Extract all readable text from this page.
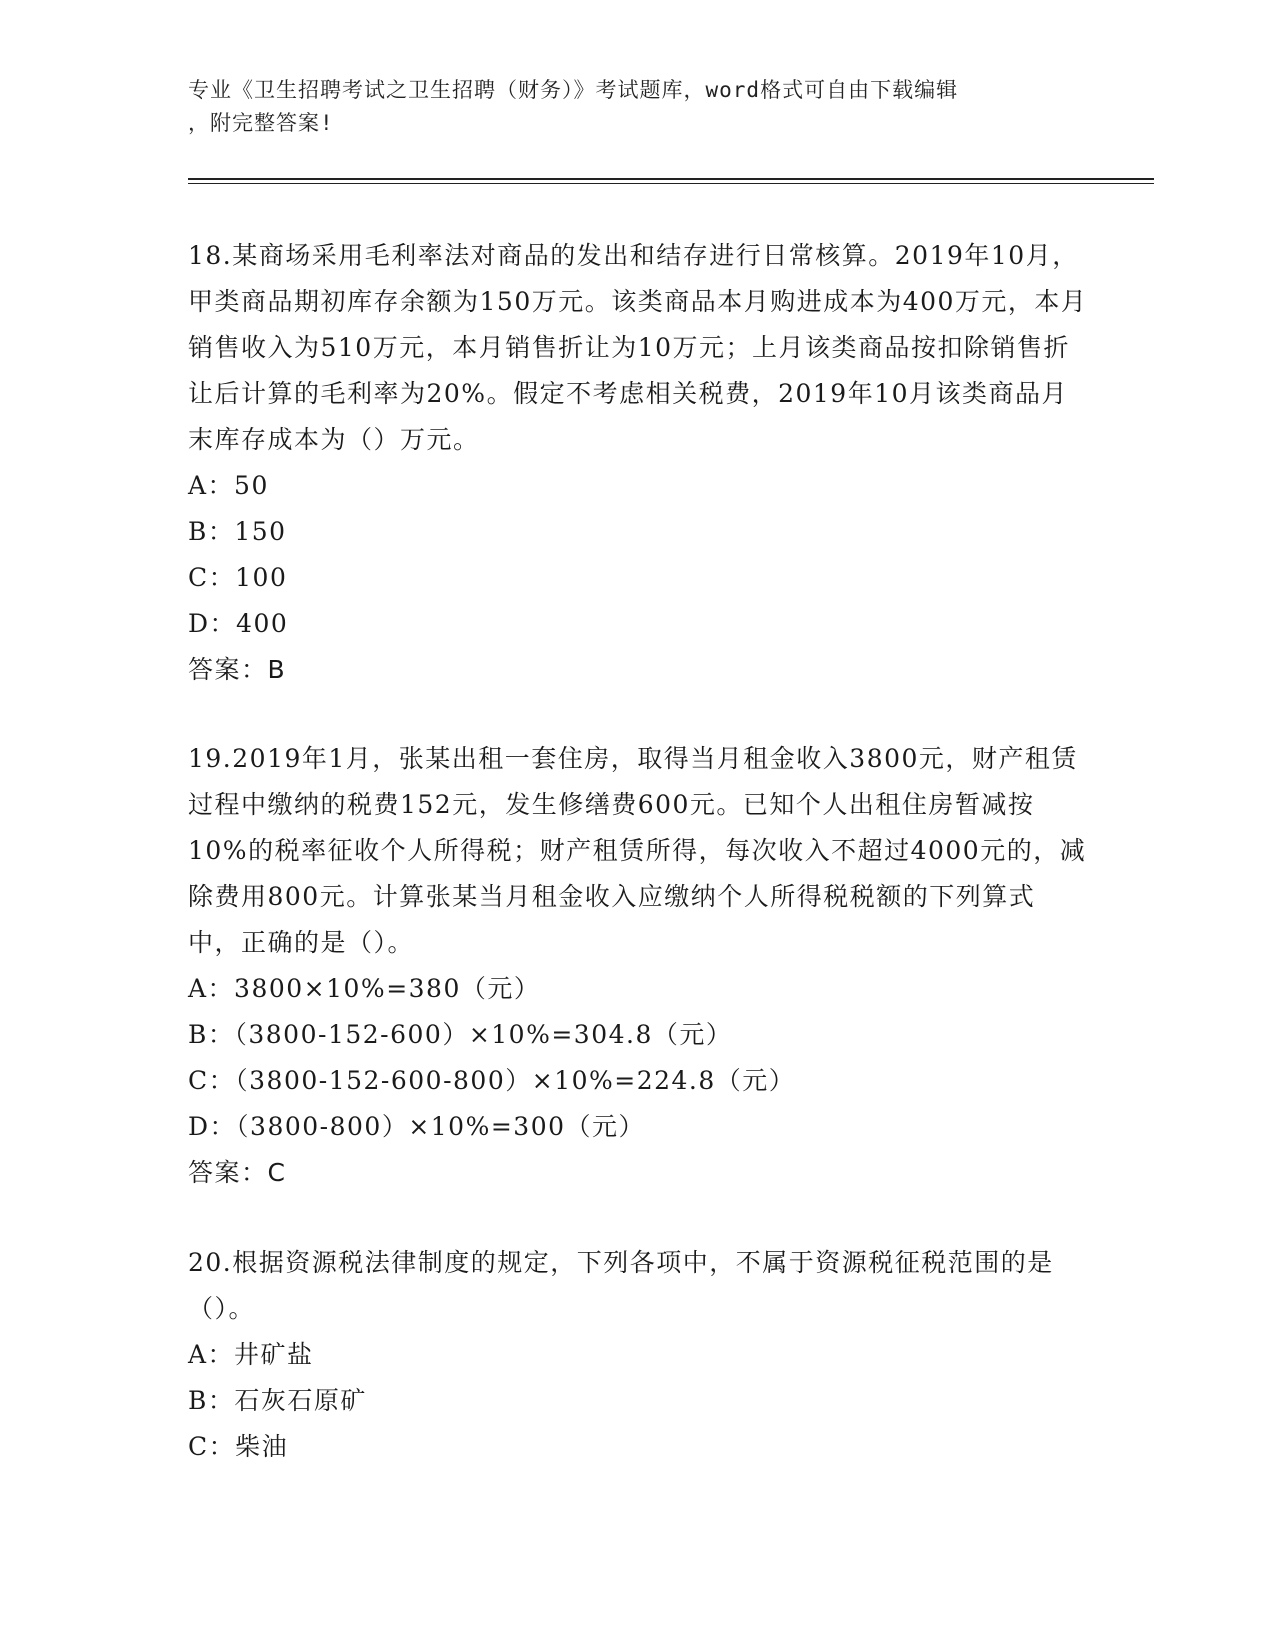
专业《卫生招聘考试之卫生招聘（财务）》考试题库，word格式可自由下载编辑
，附完整答案!

18.某商场采用毛利率法对商品的发出和结存进行日常核算。2019年10月，甲类商品期初库存余额为150万元。该类商品本月购进成本为400万元，本月销售收入为510万元，本月销售折让为10万元；上月该类商品按扣除销售折让后计算的毛利率为20%。假定不考虑相关税费，2019年10月该类商品月末库存成本为（）万元。

A：50

B：150

C：100

D：400

答案：B

19.2019年1月，张某出租一套住房，取得当月租金收入3800元，财产租赁过程中缴纳的税费152元，发生修缮费600元。已知个人出租住房暂减按10%的税率征收个人所得税；财产租赁所得，每次收入不超过4000元的，减除费用800元。计算张某当月租金收入应缴纳个人所得税税额的下列算式中，正确的是（）。

A：3800×10%=380（元）

B：（3800-152-600）×10%=304.8（元）

C：（3800-152-600-800）×10%=224.8（元）

D：（3800-800）×10%=300（元）

答案：C

20.根据资源税法律制度的规定，下列各项中，不属于资源税征税范围的是（）。

A：井矿盐

B：石灰石原矿

C：柴油
